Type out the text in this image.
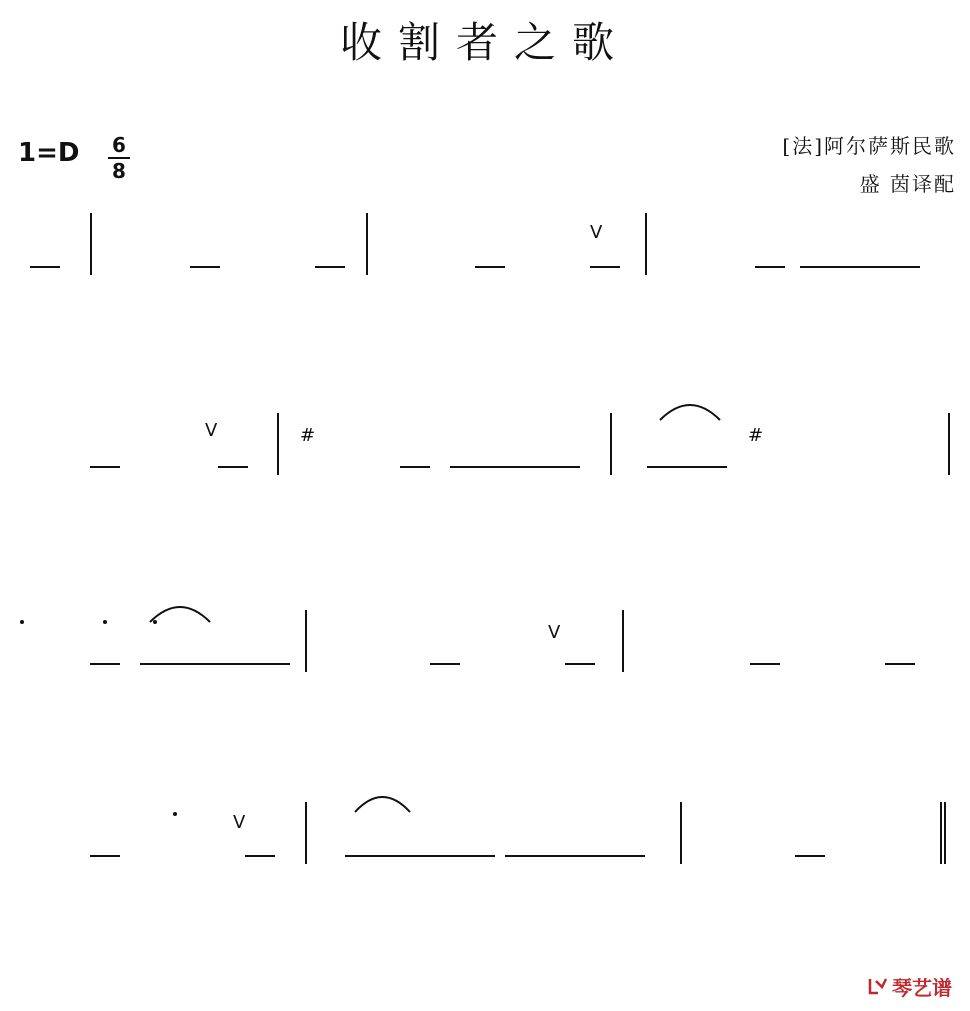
收割者之歌
1=D	6
8
[法]阿尔萨斯民歌
盛 茵译配
#	#
V
V
V
V
琴艺谱
